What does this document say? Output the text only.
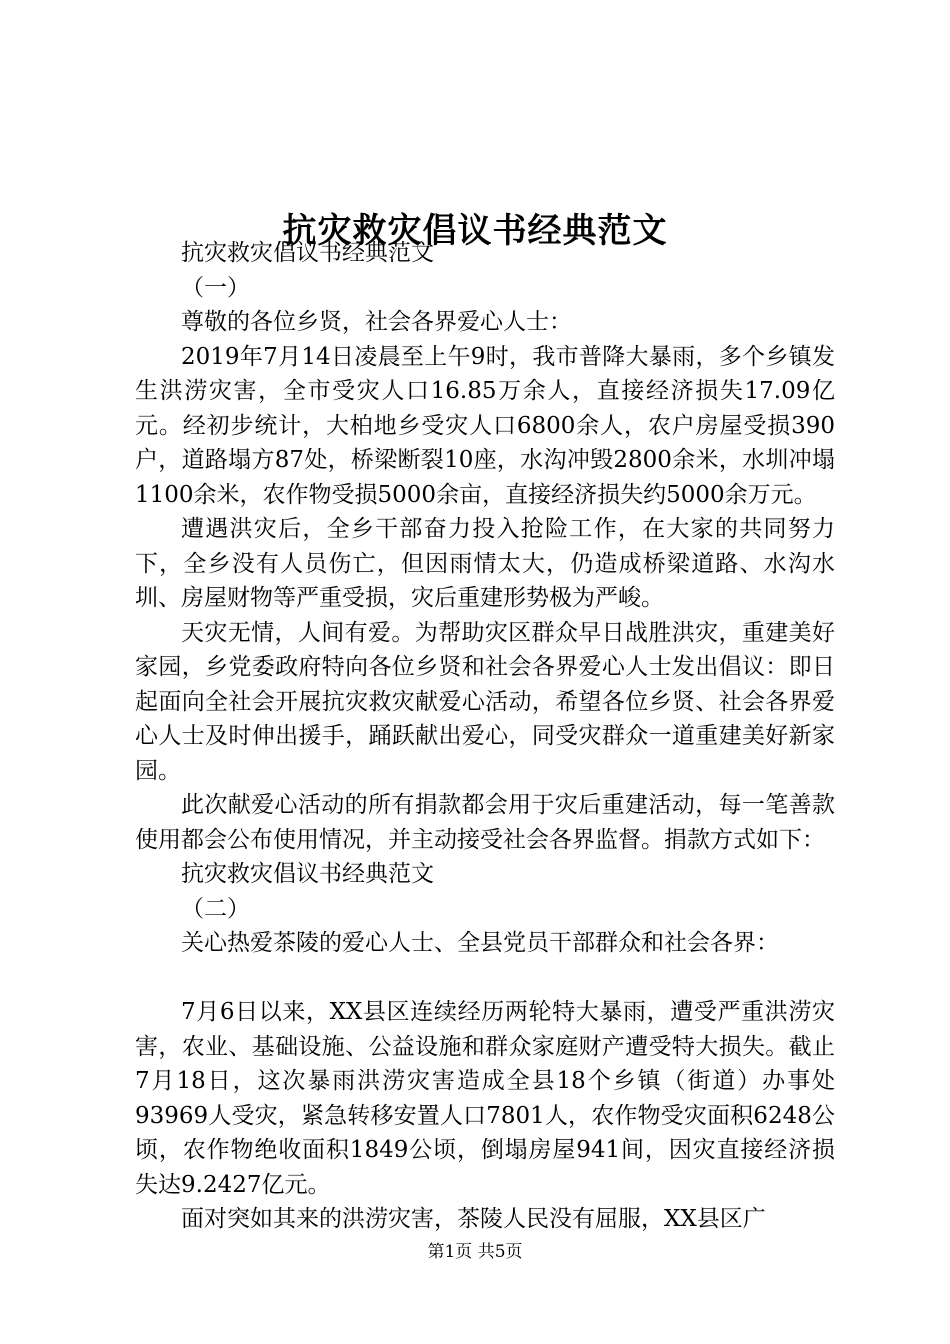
抗灾救灾倡议书经典范文

抗灾救灾倡议书经典范文

（一）

尊敬的各位乡贤，社会各界爱心人士：

2019年7月14日凌晨至上午9时，我市普降大暴雨，多个乡镇发生洪涝灾害，全市受灾人口16.85万余人，直接经济损失17.09亿元。经初步统计，大柏地乡受灾人口6800余人，农户房屋受损390户，道路塌方87处，桥梁断裂10座，水沟冲毁2800余米，水圳冲塌1100余米，农作物受损5000余亩，直接经济损失约5000余万元。

遭遇洪灾后，全乡干部奋力投入抢险工作，在大家的共同努力下，全乡没有人员伤亡，但因雨情太大，仍造成桥梁道路、水沟水圳、房屋财物等严重受损，灾后重建形势极为严峻。

天灾无情，人间有爱。为帮助灾区群众早日战胜洪灾，重建美好家园，乡党委政府特向各位乡贤和社会各界爱心人士发出倡议：即日起面向全社会开展抗灾救灾献爱心活动，希望各位乡贤、社会各界爱心人士及时伸出援手，踊跃献出爱心，同受灾群众一道重建美好新家园。

此次献爱心活动的所有捐款都会用于灾后重建活动，每一笔善款使用都会公布使用情况，并主动接受社会各界监督。捐款方式如下：

抗灾救灾倡议书经典范文

（二）

关心热爱茶陵的爱心人士、全县党员干部群众和社会各界：

7月6日以来，XX县区连续经历两轮特大暴雨，遭受严重洪涝灾害，农业、基础设施、公益设施和群众家庭财产遭受特大损失。截止7月18日，这次暴雨洪涝灾害造成全县18个乡镇（街道）办事处93969人受灾，紧急转移安置人口7801人，农作物受灾面积6248公顷，农作物绝收面积1849公顷，倒塌房屋941间，因灾直接经济损失达9.2427亿元。

面对突如其来的洪涝灾害，茶陵人民没有屈服，XX县区广

第1页 共5页
